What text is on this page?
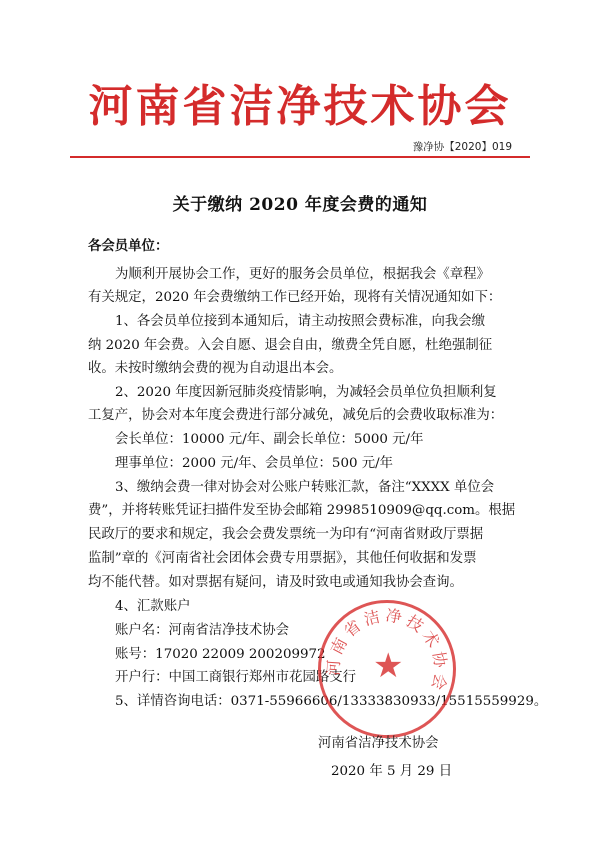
河南省洁净技术协会
豫净协【2020】019
关于缴纳 2020 年度会费的通知
各会员单位：
为顺利开展协会工作，更好的服务会员单位，根据我会《章程》
有关规定，2020 年会费缴纳工作已经开始，现将有关情况通知如下：
1、各会员单位接到本通知后，请主动按照会费标准，向我会缴
纳 2020 年会费。入会自愿、退会自由，缴费全凭自愿，杜绝强制征
收。未按时缴纳会费的视为自动退出本会。
2、2020 年度因新冠肺炎疫情影响，为减轻会员单位负担顺利复
工复产，协会对本年度会费进行部分减免，减免后的会费收取标准为：
会长单位：10000 元/年、副会长单位：5000 元/年
理事单位：2000 元/年、会员单位：500 元/年
3、缴纳会费一律对协会对公账户转账汇款，备注“XXXX 单位会
费”，并将转账凭证扫描件发至协会邮箱 2998510909@qq.com。根据
民政厅的要求和规定，我会会费发票统一为印有“河南省财政厅票据
监制”章的《河南省社会团体会费专用票据》，其他任何收据和发票
均不能代替。如对票据有疑问，请及时致电或通知我协会查询。
4、汇款账户
账户名：河南省洁净技术协会
账号：17020 22009 200209972
开户行：中国工商银行郑州市花园路支行
5、详情咨询电话：0371-55966606/13333830933/15515559929。
河南省洁净技术协会
★
河南省洁净技术协会
2020 年 5 月 29 日
